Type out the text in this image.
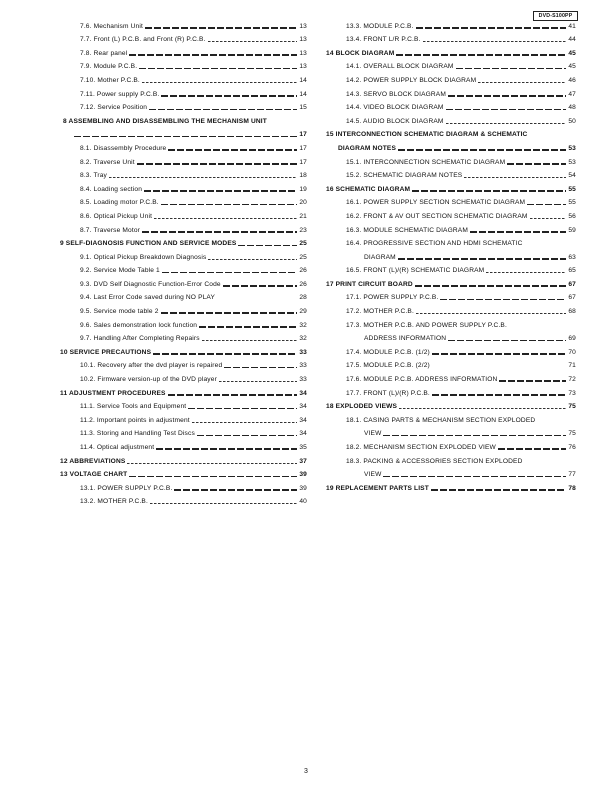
DVD-S100PP
7.6. Mechanism Unit	13
7.7. Front (L) P.C.B. and Front (R) P.C.B.	13
7.8. Rear panel	13
7.9. Module P.C.B.	13
7.10. Mother P.C.B.	14
7.11. Power supply P.C.B.	14
7.12. Service Position	15
8 ASSEMBLING AND DISASSEMBLING THE MECHANISM UNIT
17
8.1. Disassembly Procedure	17
8.2. Traverse Unit	17
8.3. Tray	18
8.4. Loading section	19
8.5. Loading motor P.C.B.	20
8.6. Optical Pickup Unit	21
8.7. Traverse Motor	23
9 SELF-DIAGNOSIS FUNCTION AND SERVICE MODES	25
9.1. Optical Pickup Breakdown Diagnosis	25
9.2. Service Mode Table 1	26
9.3. DVD Self Diagnostic Function-Error Code	26
9.4. Last Error Code saved during NO PLAY	28
9.5. Service mode table 2	29
9.6. Sales demonstration lock function	32
9.7. Handling After Completing Repairs	32
10 SERVICE PRECAUTIONS	33
10.1. Recovery after the dvd player is repaired	33
10.2. Firmware version-up of the DVD player	33
11 ADJUSTMENT PROCEDURES	34
11.1. Service Tools and Equipment	34
11.2. Important points in adjustment	34
11.3. Storing and Handling Test Discs	34
11.4. Optical adjustment	35
12 ABBREVIATIONS	37
13 VOLTAGE CHART	39
13.1. POWER SUPPLY P.C.B.	39
13.2. MOTHER P.C.B.	40
13.3. MODULE P.C.B.	41
13.4. FRONT L/R P.C.B.	44
14 BLOCK DIAGRAM	45
14.1. OVERALL BLOCK DIAGRAM	45
14.2. POWER SUPPLY BLOCK DIAGRAM	46
14.3. SERVO BLOCK DIAGRAM	47
14.4. VIDEO BLOCK DIAGRAM	48
14.5. AUDIO BLOCK DIAGRAM	50
15 INTERCONNECTION SCHEMATIC DIAGRAM & SCHEMATIC
DIAGRAM NOTES	53
15.1. INTERCONNECTION SCHEMATIC DIAGRAM	53
15.2. SCHEMATIC DIAGRAM NOTES	54
16 SCHEMATIC DIAGRAM	55
16.1. POWER SUPPLY SECTION SCHEMATIC DIAGRAM	55
16.2. FRONT & AV OUT SECTION SCHEMATIC DIAGRAM	56
16.3. MODULE SCHEMATIC DIAGRAM	59
16.4. PROGRESSIVE SECTION AND HDMI SCHEMATIC
DIAGRAM	63
16.5. FRONT (L)/(R) SCHEMATIC DIAGRAM	65
17 PRINT CIRCUIT BOARD	67
17.1. POWER SUPPLY P.C.B.	67
17.2. MOTHER P.C.B.	68
17.3. MOTHER P.C.B. AND POWER SUPPLY P.C.B.
ADDRESS INFORMATION	69
17.4. MODULE P.C.B. (1/2)	70
17.5. MODULE P.C.B. (2/2)	71
17.6. MODULE P.C.B. ADDRESS INFORMATION	72
17.7. FRONT (L)/(R) P.C.B.	73
18 EXPLODED VIEWS	75
18.1. CASING PARTS & MECHANISM SECTION EXPLODED
VIEW	75
18.2. MECHANISM SECTION EXPLODED VIEW	76
18.3. PACKING & ACCESSORIES SECTION EXPLODED
VIEW	77
19 REPLACEMENT PARTS LIST	78
3
